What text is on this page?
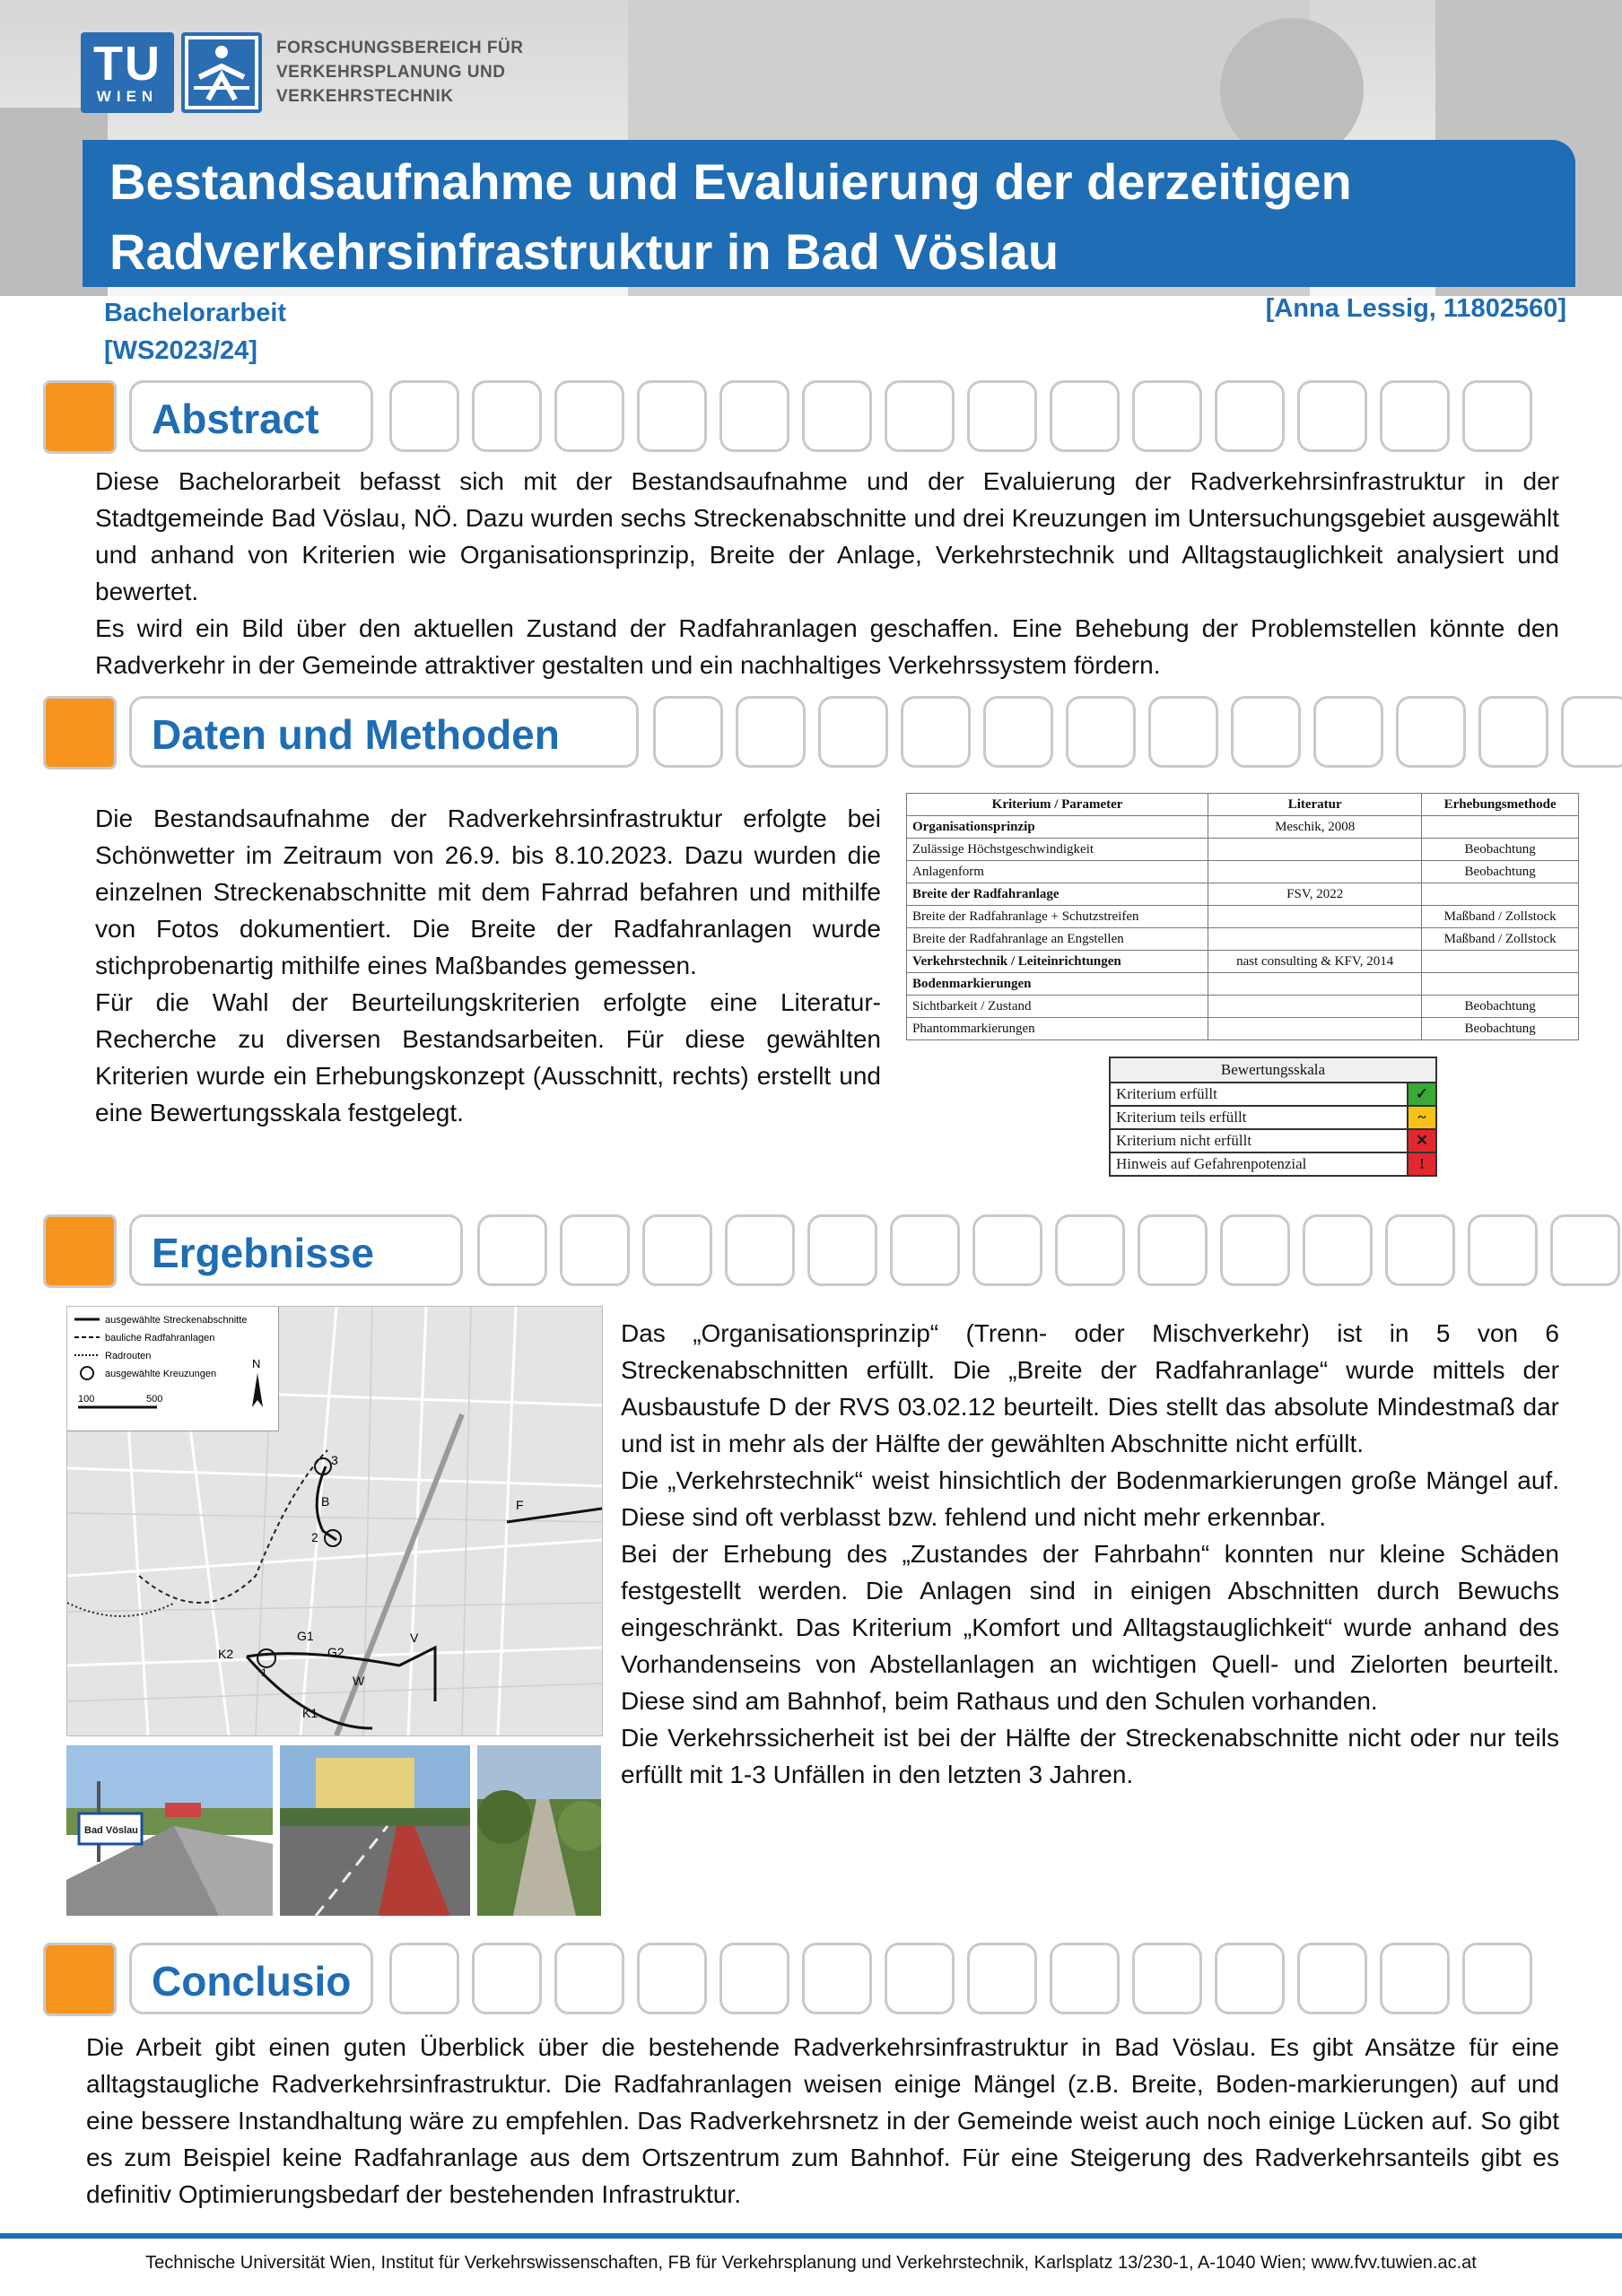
TU
WIEN
FORSCHUNGSBEREICH FÜR
VERKEHRSPLANUNG UND
VERKEHRSTECHNIK
Bestandsaufnahme und Evaluierung der derzeitigen
Radverkehrsinfrastruktur in Bad Vöslau
Bachelorarbeit
[WS2023/24]
[Anna Lessig, 11802560]
Abstract
Diese Bachelorarbeit befasst sich mit der Bestandsaufnahme und der Evaluierung der Radverkehrsinfrastruktur in der Stadtgemeinde Bad Vöslau, NÖ. Dazu wurden sechs Streckenabschnitte und drei Kreuzungen im Untersuchungsgebiet ausgewählt und anhand von Kriterien wie Organisationsprinzip, Breite der Anlage, Verkehrstechnik und Alltagstauglichkeit analysiert und bewertet.
Es wird ein Bild über den aktuellen Zustand der Radfahranlagen geschaffen. Eine Behebung der Problemstellen könnte den Radverkehr in der Gemeinde attraktiver gestalten und ein nachhaltiges Verkehrssystem fördern.
Daten und Methoden
Die Bestandsaufnahme der Radverkehrsinfrastruktur erfolgte bei Schönwetter im Zeitraum von 26.9. bis 8.10.2023. Dazu wurden die einzelnen Streckenabschnitte mit dem Fahrrad befahren und mithilfe von Fotos dokumentiert. Die Breite der Radfahranlagen wurde stichprobenartig mithilfe eines Maßbandes gemessen.
Für die Wahl der Beurteilungskriterien erfolgte eine Literatur-Recherche zu diversen Bestandsarbeiten. Für diese gewählten Kriterien wurde ein Erhebungskonzept (Ausschnitt, rechts) erstellt und eine Bewertungsskala festgelegt.
Kriterium / Parameter	Literatur	Erhebungsmethode
Organisationsprinzip	Meschik, 2008	
Zulässige Höchstgeschwindigkeit		Beobachtung
Anlagenform		Beobachtung
Breite der Radfahranlage	FSV, 2022	
Breite der Radfahranlage + Schutzstreifen		Maßband / Zollstock
Breite der Radfahranlage an Engstellen		Maßband / Zollstock
Verkehrstechnik / Leiteinrichtungen	nast consulting & KFV, 2014	
Bodenmarkierungen		
Sichtbarkeit / Zustand		Beobachtung
Phantommarkierungen		Beobachtung
Bewertungsskala	
Kriterium erfüllt	✓
Kriterium teils erfüllt	~
Kriterium nicht erfüllt	✕
Hinweis auf Gefahrenpotenzial	!
Ergebnisse
3
B
2
F
G1
G2
K2
V
W
K1
1
ausgewählte Streckenabschnitte
bauliche Radfahranlagen
Radrouten
ausgewählte Kreuzungen
N
100	500
Bad Vöslau
Das „Organisationsprinzip“ (Trenn- oder Mischverkehr) ist in 5 von 6 Streckenabschnitten erfüllt. Die „Breite der Radfahranlage“ wurde mittels der Ausbaustufe D der RVS 03.02.12 beurteilt. Dies stellt das absolute Mindestmaß dar und ist in mehr als der Hälfte der gewählten Abschnitte nicht erfüllt.
Die „Verkehrstechnik“ weist hinsichtlich der Bodenmarkierungen große Mängel auf. Diese sind oft verblasst bzw. fehlend und nicht mehr erkennbar.
Bei der Erhebung des „Zustandes der Fahrbahn“ konnten nur kleine Schäden festgestellt werden. Die Anlagen sind in einigen Abschnitten durch Bewuchs eingeschränkt. Das Kriterium „Komfort und Alltagstauglichkeit“ wurde anhand des Vorhandenseins von Abstellanlagen an wichtigen Quell- und Zielorten beurteilt. Diese sind am Bahnhof, beim Rathaus und den Schulen vorhanden.
Die Verkehrssicherheit ist bei der Hälfte der Streckenabschnitte nicht oder nur teils erfüllt mit 1-3 Unfällen in den letzten 3 Jahren.
Conclusio
Die Arbeit gibt einen guten Überblick über die bestehende Radverkehrsinfrastruktur in Bad Vöslau. Es gibt Ansätze für eine alltagstaugliche Radverkehrsinfrastruktur. Die Radfahranlagen weisen einige Mängel (z.B. Breite, Boden-markierungen) auf und eine bessere Instandhaltung wäre zu empfehlen. Das Radverkehrsnetz in der Gemeinde weist auch noch einige Lücken auf. So gibt es zum Beispiel keine Radfahranlage aus dem Ortszentrum zum Bahnhof. Für eine Steigerung des Radverkehrsanteils gibt es definitiv Optimierungsbedarf der bestehenden Infrastruktur.
Technische Universität Wien, Institut für Verkehrswissenschaften, FB für Verkehrsplanung und Verkehrstechnik, Karlsplatz 13/230-1, A-1040 Wien; www.fvv.tuwien.ac.at
